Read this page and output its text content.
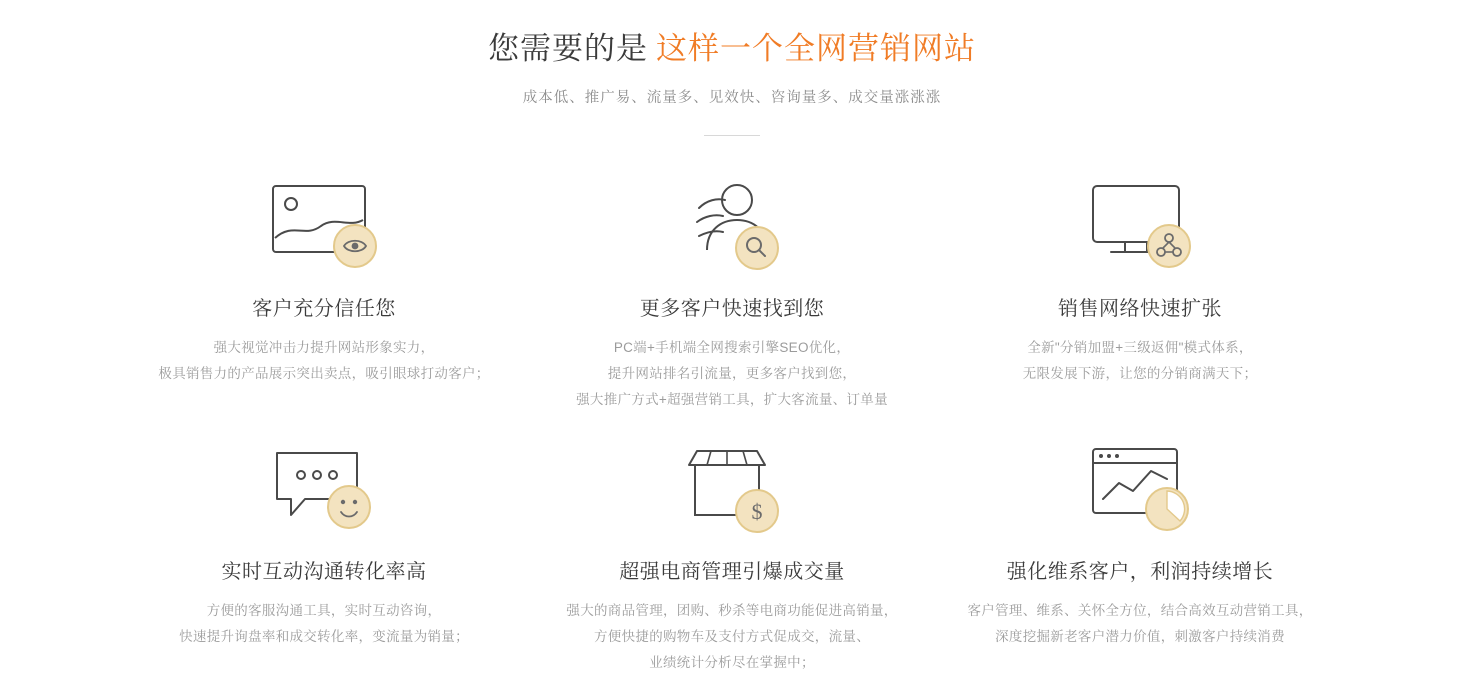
您需要的是 这样一个全网营销网站
成本低、推广易、流量多、见效快、咨询量多、成交量涨涨涨
客户充分信任您
强大视觉冲击力提升网站形象实力，
极具销售力的产品展示突出卖点，吸引眼球打动客户；
更多客户快速找到您
PC端+手机端全网搜索引擎SEO优化，
提升网站排名引流量，更多客户找到您，
强大推广方式+超强营销工具，扩大客流量、订单量
销售网络快速扩张
全新"分销加盟+三级返佣"模式体系，
无限发展下游，让您的分销商满天下；
实时互动沟通转化率高
方便的客服沟通工具，实时互动咨询，
快速提升询盘率和成交转化率，变流量为销量；
$
超强电商管理引爆成交量
强大的商品管理，团购、秒杀等电商功能促进高销量，
方便快捷的购物车及支付方式促成交，流量、
业绩统计分析尽在掌握中；
强化维系客户，利润持续增长
客户管理、维系、关怀全方位，结合高效互动营销工具，
深度挖掘新老客户潜力价值，刺激客户持续消费
